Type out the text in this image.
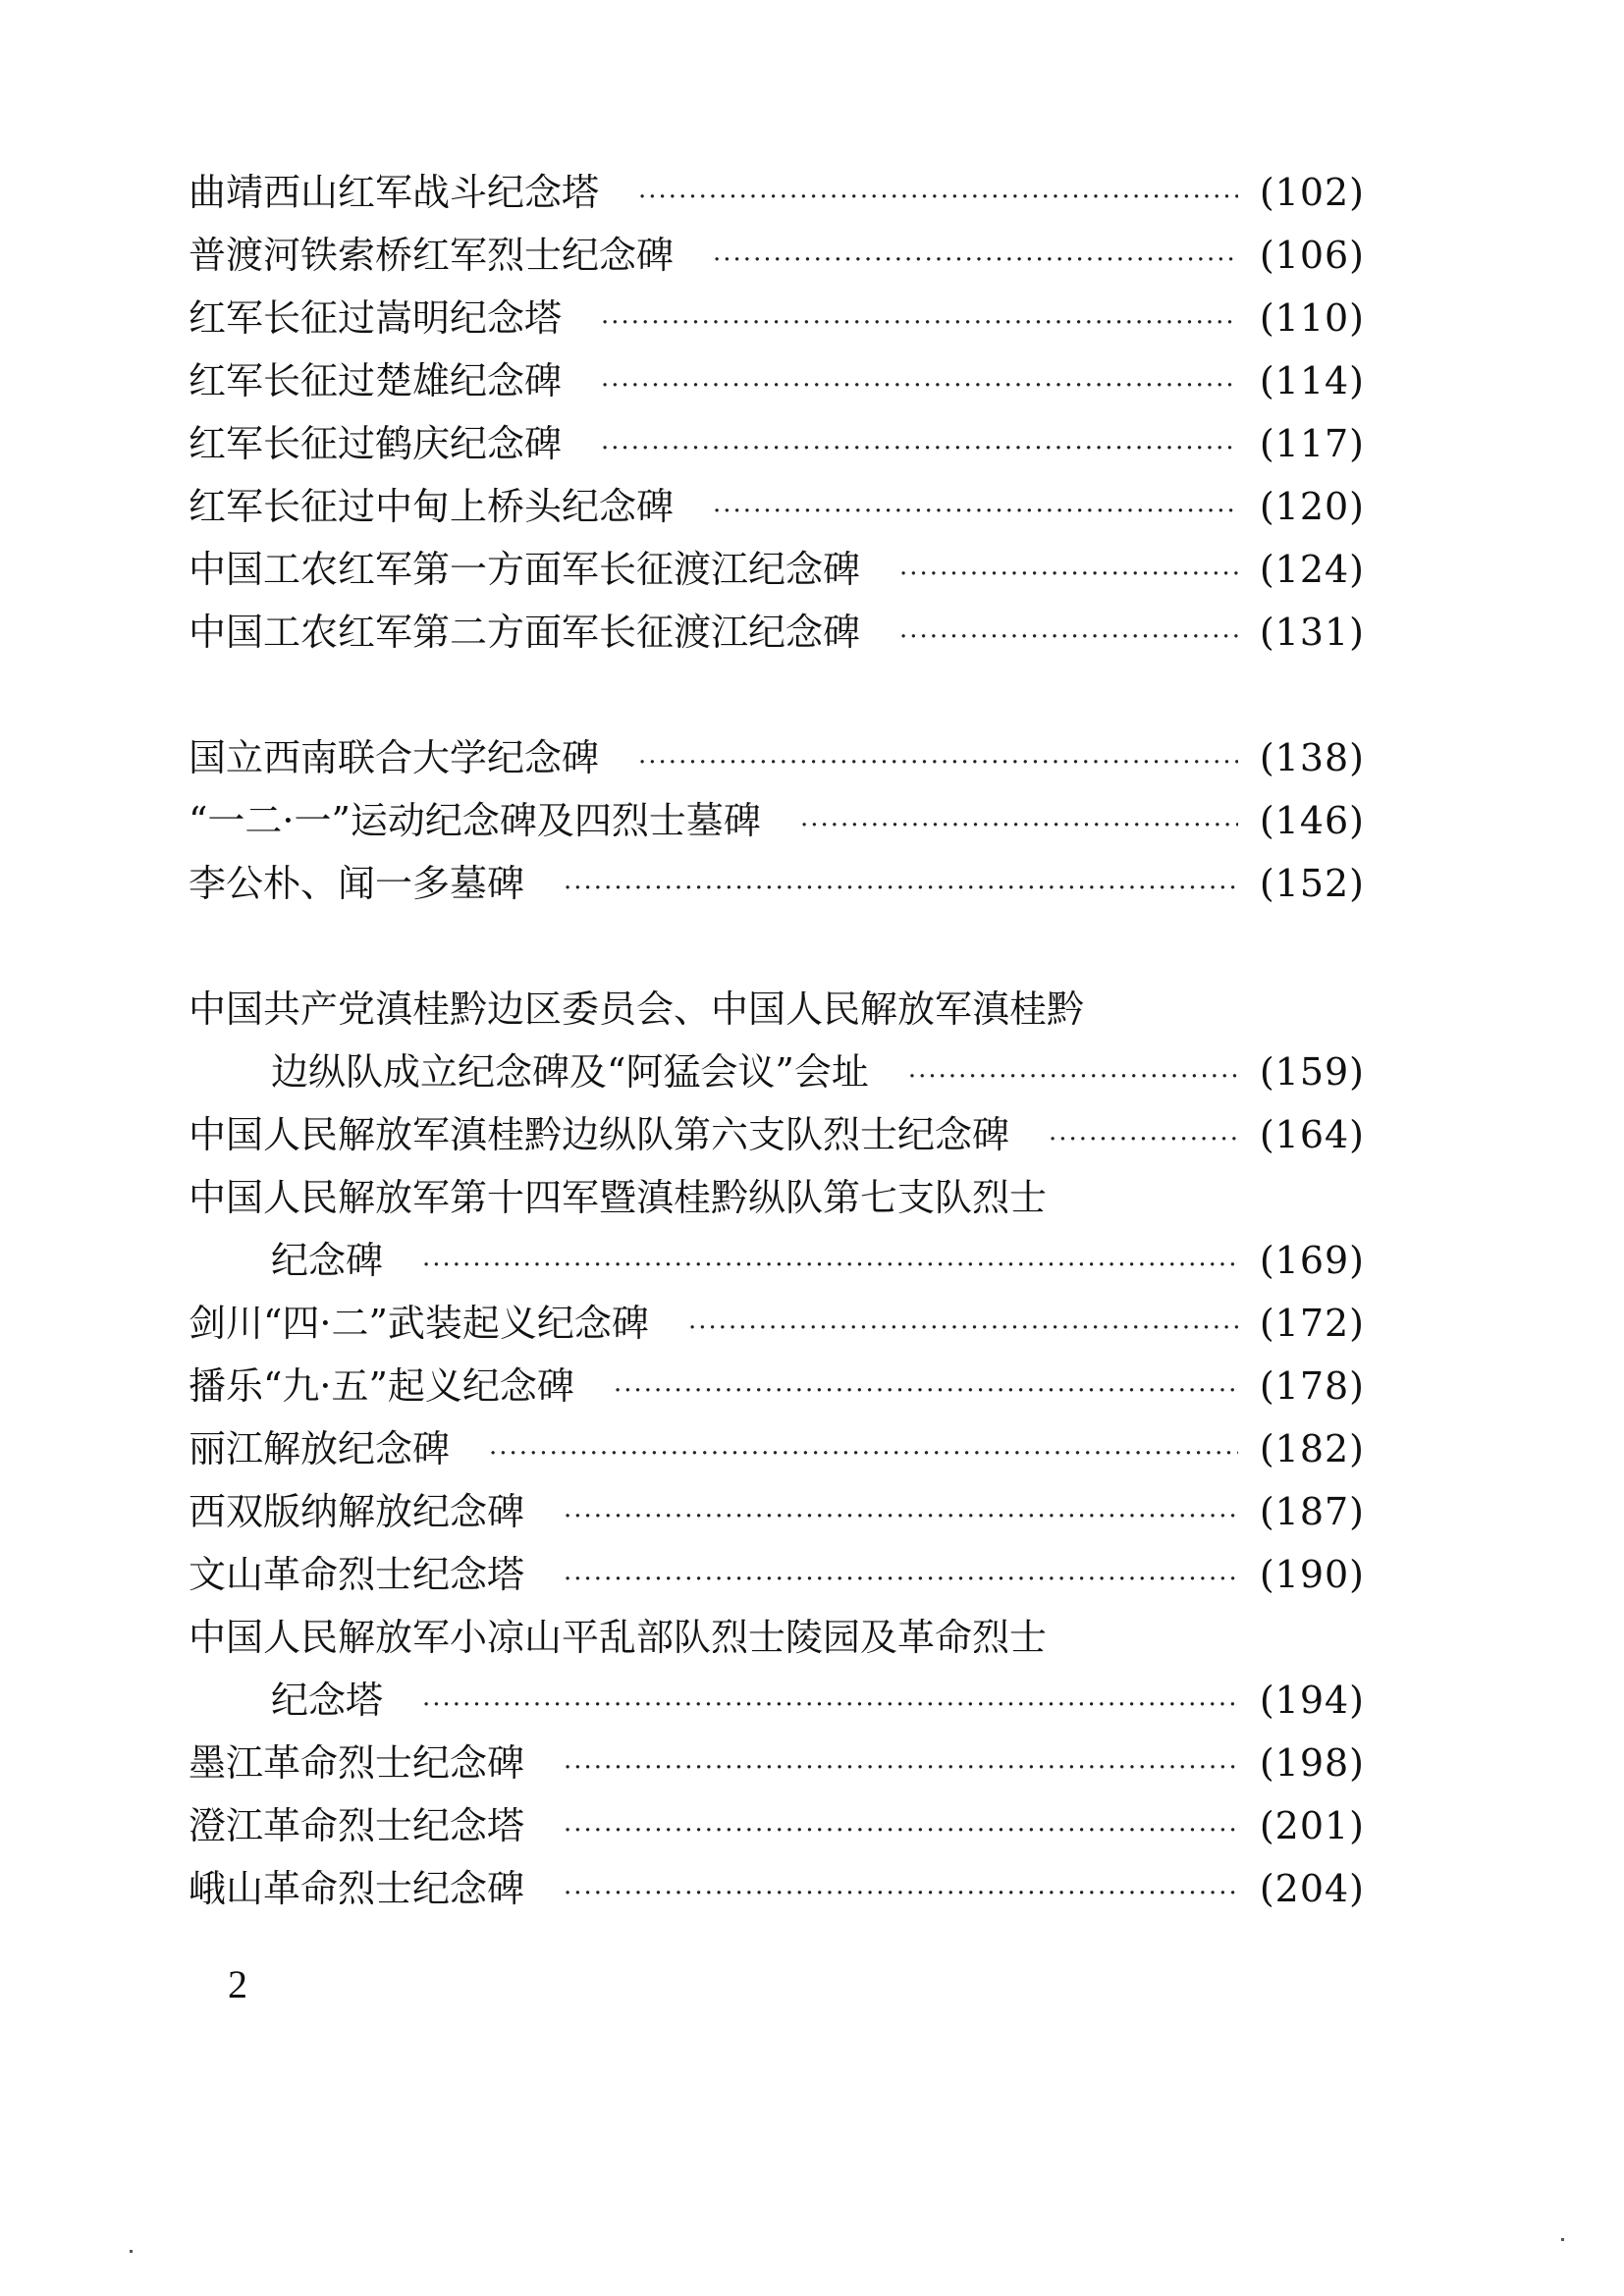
曲靖西山红军战斗纪念塔 ·····	(102)
普渡河铁索桥红军烈士纪念碑 ·····	(106)
红军长征过嵩明纪念塔 ·····	(110)
红军长征过楚雄纪念碑 ·····	(114)
红军长征过鹤庆纪念碑 ·····	(117)
红军长征过中甸上桥头纪念碑 ·····	(120)
中国工农红军第一方面军长征渡江纪念碑 ·····	(124)
中国工农红军第二方面军长征渡江纪念碑 ·····	(131)
国立西南联合大学纪念碑 ·····	(138)
“一二·一”运动纪念碑及四烈士墓碑 ·····	(146)
李公朴、闻一多墓碑 ·····	(152)
中国共产党滇桂黔边区委员会、中国人民解放军滇桂黔
边纵队成立纪念碑及“阿猛会议”会址 ·····	(159)
中国人民解放军滇桂黔边纵队第六支队烈士纪念碑 ·····	(164)
中国人民解放军第十四军暨滇桂黔纵队第七支队烈士
纪念碑 ·····	(169)
剑川“四·二”武装起义纪念碑 ·····	(172)
播乐“九·五”起义纪念碑 ·····	(178)
丽江解放纪念碑 ·····	(182)
西双版纳解放纪念碑 ·····	(187)
文山革命烈士纪念塔 ·····	(190)
中国人民解放军小凉山平乱部队烈士陵园及革命烈士
纪念塔 ·····	(194)
墨江革命烈士纪念碑 ·····	(198)
澄江革命烈士纪念塔 ·····	(201)
峨山革命烈士纪念碑 ·····	(204)
2
